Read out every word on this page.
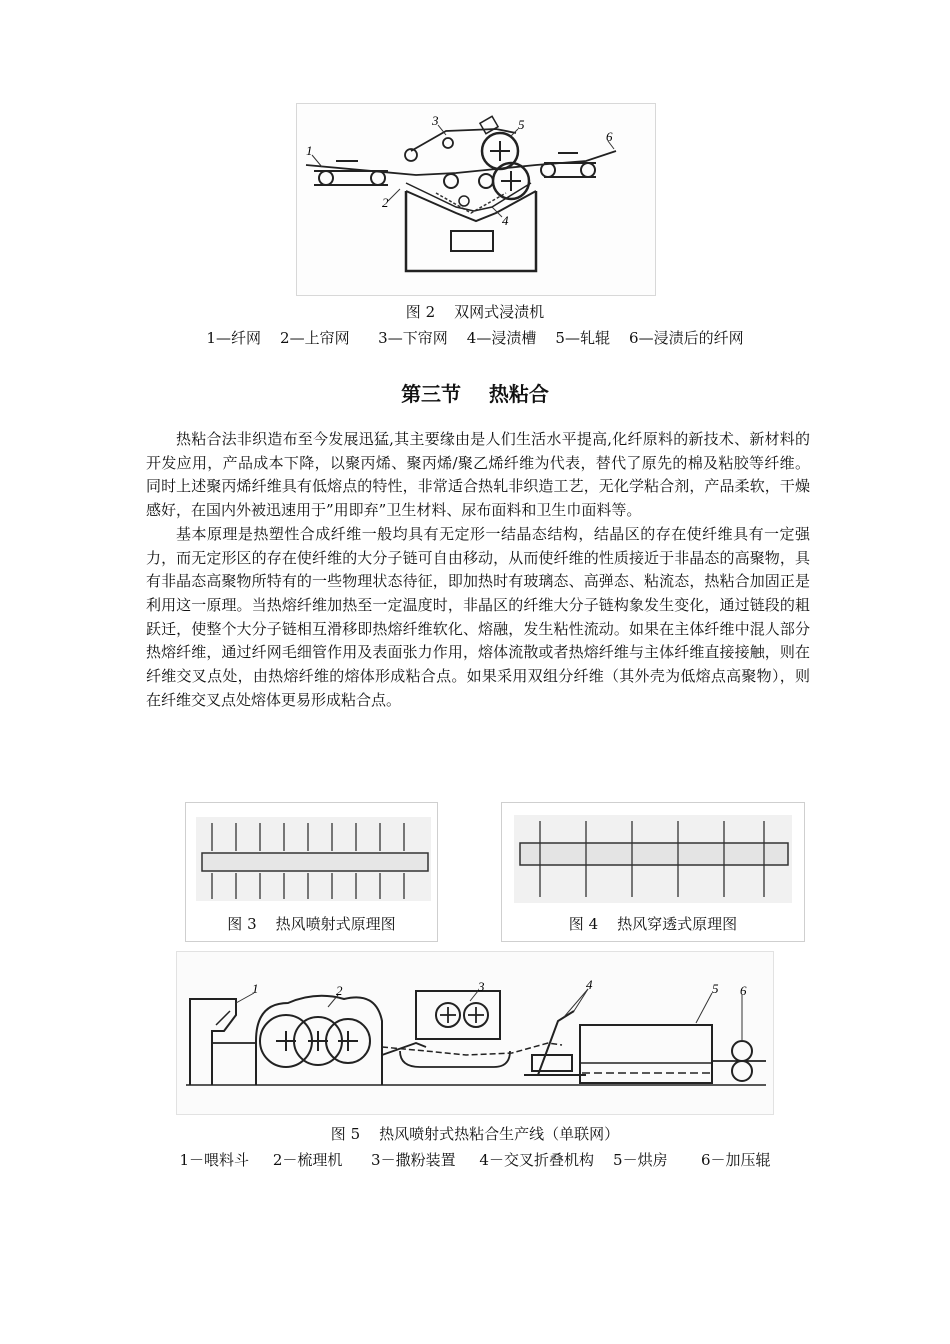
1
2
3
4
5
6
图 2    双网式浸渍机
1—纤网    2—上帘网      3—下帘网    4—浸渍槽    5—轧辊    6—浸渍后的纤网
第三节    热粘合

热粘合法非织造布至今发展迅猛,其主要缘由是人们生活水平提高,化纤原料的新技术、新材料的开发应用，产品成本下降，以聚丙烯、聚丙烯/聚乙烯纤维为代表，替代了原先的棉及粘胶等纤维。同时上述聚丙烯纤维具有低熔点的特性，非常适合热轧非织造工艺，无化学粘合剂，产品柔软，干燥感好，在国内外被迅速用于”用即弃”卫生材料、尿布面料和卫生巾面料等。

基本原理是热塑性合成纤维一般均具有无定形一结晶态结构，结晶区的存在使纤维具有一定强力，而无定形区的存在使纤维的大分子链可自由移动，从而使纤维的性质接近于非晶态的高聚物，具有非晶态高聚物所特有的一些物理状态待征，即加热时有玻璃态、高弹态、粘流态，热粘合加固正是利用这一原理。当热熔纤维加热至一定温度时，非晶区的纤维大分子链构象发生变化，通过链段的耝跃迁，使整个大分子链相互滑移即热熔纤维软化、熔融，发生粘性流动。如果在主体纤维中混人部分热熔纤维，通过纤网毛细管作用及表面张力作用，熔体流散或者热熔纤维与主体纤维直接接触，则在纤维交叉点处，由热熔纤维的熔体形成粘合点。如果采用双组分纤维（其外壳为低熔点高聚物），则在纤维交叉点处熔体更易形成粘合点。

图 3    热风喷射式原理图	图 4    热风穿透式原理图
1	2	3	4	5 6
图 5    热风喷射式热粘合生产线（单联网）
1－喂料斗     2－梳理机      3－撒粉装置     4－交叉折叠机构    5－烘房       6－加压辊
